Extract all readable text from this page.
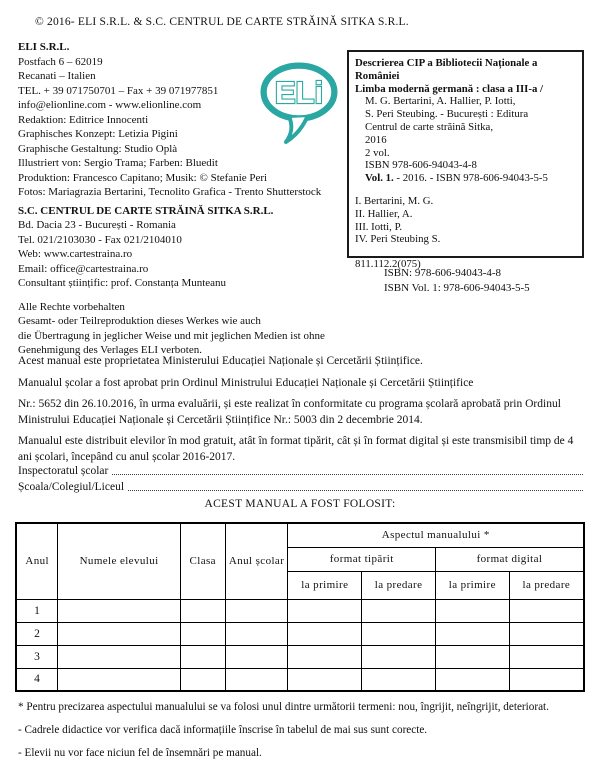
© 2016- ELI S.R.L. & S.C. CENTRUL DE CARTE STRĂINĂ SITKA S.R.L.
ELI S.R.L.
Postfach 6 – 62019
Recanati – Italien
TEL. + 39 071750701 – Fax + 39 071977851
info@elionline.com - www.elionline.com
Redaktion: Editrice Innocenti
Graphisches Konzept: Letizia Pigini
Graphische Gestaltung: Studio Oplà
Illustriert von: Sergio Trama; Farben: Bluedit
Produktion: Francesco Capitano; Musik: © Stefanie Peri
Fotos: Mariagrazia Bertarini, Tecnolito Grafica - Trento Shutterstock
S.C. CENTRUL DE CARTE STRĂINĂ SITKA S.R.L.
Bd. Dacia 23 - București - Romania
Tel. 021/2103030 - Fax 021/2104010
Web: www.cartestraina.ro
Email: office@cartestraina.ro
Consultant științific: prof. Constanța Munteanu
Alle Rechte vorbehalten
Gesamt- oder Teilreproduktion dieses Werkes wie auch
die Übertragung in jeglicher Weise und mit jeglichen Medien ist ohne
Genehmigung des Verlages ELI verboten.
ELi
Descrierea CIP a Bibliotecii Naționale a României
Limba modernă germană : clasa a III-a /
M. G. Bertarini, A. Hallier, P. Iotti,
S. Peri Steubing. - București : Editura
Centrul de carte străină Sitka,
2016
2 vol.
ISBN 978-606-94043-4-8
Vol. 1. - 2016. - ISBN 978-606-94043-5-5
I. Bertarini, M. G.
II. Hallier, A.
III. Iotti, P.
IV. Peri Steubing S.
811.112.2(075)
ISBN: 978-606-94043-4-8
ISBN Vol. 1: 978-606-94043-5-5

Acest manual este proprietatea Ministerului Educației Naționale și Cercetării Științifice.

Manualul școlar a fost aprobat prin Ordinul Ministrului Educației Naționale și Cercetării Științifice

Nr.: 5652 din 26.10.2016, în urma evaluării, și este realizat în conformitate cu programa școlară aprobată prin Ordinul Ministrului Educației Naționale și Cercetării Științifice Nr.: 5003 din 2 decembrie 2014.

Manualul este distribuit elevilor în mod gratuit, atât în format tipărit, cât și în format digital și este transmisibil timp de 4 ani școlari, începând cu anul școlar 2016-2017.

Inspectoratul școlar
Școala/Colegiul/Liceul
ACEST MANUAL A FOST FOLOSIT:
Anul	Numele elevului	Clasa	Anul școlar	Aspectul manualului *			
				format tipărit		format digital	
				la primire	la predare	la primire	la predare
1							
2							
3							
4							
* Pentru precizarea aspectului manualului se va folosi unul dintre următorii termeni: nou, îngrijit, neîngrijit, deteriorat.
- Cadrele didactice vor verifica dacă informațiile înscrise în tabelul de mai sus sunt corecte.
- Elevii nu vor face niciun fel de însemnări pe manual.
